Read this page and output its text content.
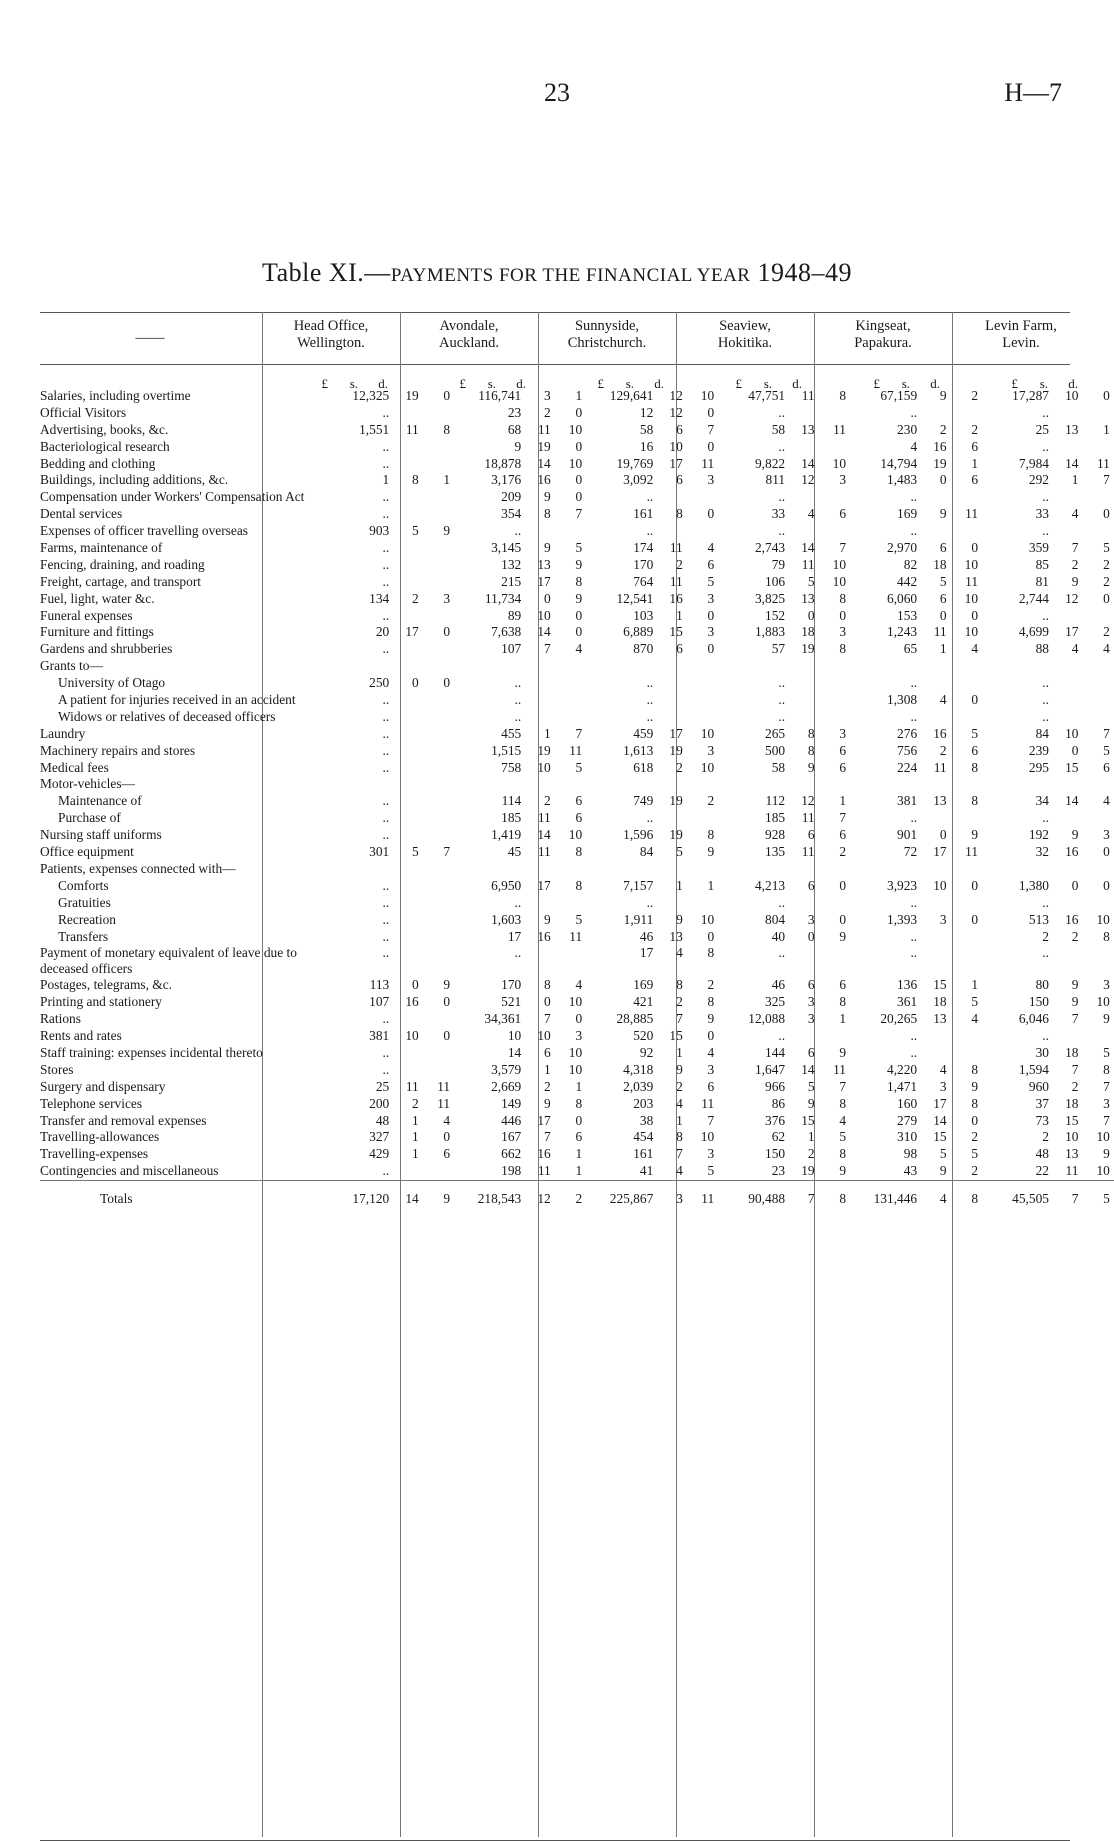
23	H—7
Table XI.—PAYMENTS FOR THE FINANCIAL YEAR 1948–49
——
Head Office,
Wellington.
Avondale,
Auckland.
Sunnyside,
Christchurch.
Seaview,
Hokitika.
Kingseat,
Papakura.
Levin Farm,
Levin.
£ s. d.	£ s. d.	£ s. d.	£ s. d.	£ s. d.	£ s. d.
Salaries, including overtime	12,325	19	0		116,741	3	1		129,641	12	10		47,751	11	8		67,159	9	2		17,287	10	0	
Official Visitors	..				23	2	0		12	12	0		..				..				..			
Advertising, books, &c.	1,551	11	8		68	11	10		58	6	7		58	13	11		230	2	2		25	13	1	
Bacteriological research	..				9	19	0		16	10	0		..				4	16	6		..			
Bedding and clothing	..				18,878	14	10		19,769	17	11		9,822	14	10		14,794	19	1		7,984	14	11	
Buildings, including additions, &c.	1	8	1		3,176	16	0		3,092	6	3		811	12	3		1,483	0	6		292	1	7	
Compensation under Workers' Compensation Act	..				209	9	0		..				..				..				..			
Dental services	..				354	8	7		161	8	0		33	4	6		169	9	11		33	4	0	
Expenses of officer travelling overseas	903	5	9		..				..				..				..				..			
Farms, maintenance of	..				3,145	9	5		174	11	4		2,743	14	7		2,970	6	0		359	7	5	
Fencing, draining, and roading	..				132	13	9		170	2	6		79	11	10		82	18	10		85	2	2	
Freight, cartage, and transport	..				215	17	8		764	11	5		106	5	10		442	5	11		81	9	2	
Fuel, light, water &c.	134	2	3		11,734	0	9		12,541	16	3		3,825	13	8		6,060	6	10		2,744	12	0	
Funeral expenses	..				89	10	0		103	1	0		152	0	0		153	0	0		..			
Furniture and fittings	20	17	0		7,638	14	0		6,889	15	3		1,883	18	3		1,243	11	10		4,699	17	2	
Gardens and shrubberies	..				107	7	4		870	6	0		57	19	8		65	1	4		88	4	4	
Grants to—																								
University of Otago	250	0	0		..				..				..				..				..			
A patient for injuries received in an accident	..				..				..				..				1,308	4	0		..			
Widows or relatives of deceased officers	..				..				..				..				..				..			
Laundry	..				455	1	7		459	17	10		265	8	3		276	16	5		84	10	7	
Machinery repairs and stores	..				1,515	19	11		1,613	19	3		500	8	6		756	2	6		239	0	5	
Medical fees	..				758	10	5		618	2	10		58	9	6		224	11	8		295	15	6	
Motor-vehicles—																								
Maintenance of	..				114	2	6		749	19	2		112	12	1		381	13	8		34	14	4	
Purchase of	..				185	11	6		..				185	11	7		..				..			
Nursing staff uniforms	..				1,419	14	10		1,596	19	8		928	6	6		901	0	9		192	9	3	
Office equipment	301	5	7		45	11	8		84	5	9		135	11	2		72	17	11		32	16	0	
Patients, expenses connected with—																								
Comforts	..				6,950	17	8		7,157	1	1		4,213	6	0		3,923	10	0		1,380	0	0	
Gratuities	..				..				..				..				..				..			
Recreation	..				1,603	9	5		1,911	9	10		804	3	0		1,393	3	0		513	16	10	
Transfers	..				17	16	11		46	13	0		40	0	9		..				2	2	8	
Payment of monetary equivalent of leave due to deceased officers	..				..				17	4	8		..				..				..			
Postages, telegrams, &c.	113	0	9		170	8	4		169	8	2		46	6	6		136	15	1		80	9	3	
Printing and stationery	107	16	0		521	0	10		421	2	8		325	3	8		361	18	5		150	9	10	
Rations	..				34,361	7	0		28,885	7	9		12,088	3	1		20,265	13	4		6,046	7	9	
Rents and rates	381	10	0		10	10	3		520	15	0		..				..				..			
Staff training: expenses incidental thereto	..				14	6	10		92	1	4		144	6	9		..				30	18	5	
Stores	..				3,579	1	10		4,318	9	3		1,647	14	11		4,220	4	8		1,594	7	8	
Surgery and dispensary	25	11	11		2,669	2	1		2,039	2	6		966	5	7		1,471	3	9		960	2	7	
Telephone services	200	2	11		149	9	8		203	4	11		86	9	8		160	17	8		37	18	3	
Transfer and removal expenses	48	1	4		446	17	0		38	1	7		376	15	4		279	14	0		73	15	7	
Travelling-allowances	327	1	0		167	7	6		454	8	10		62	1	5		310	15	2		2	10	10	
Travelling-expenses	429	1	6		662	16	1		161	7	3		150	2	8		98	5	5		48	13	9	
Contingencies and miscellaneous	..				198	11	1		41	4	5		23	19	9		43	9	2		22	11	10	
Totals	17,120	14	9		218,543	12	2		225,867	3	11		90,488	7	8		131,446	4	8		45,505	7	5	
